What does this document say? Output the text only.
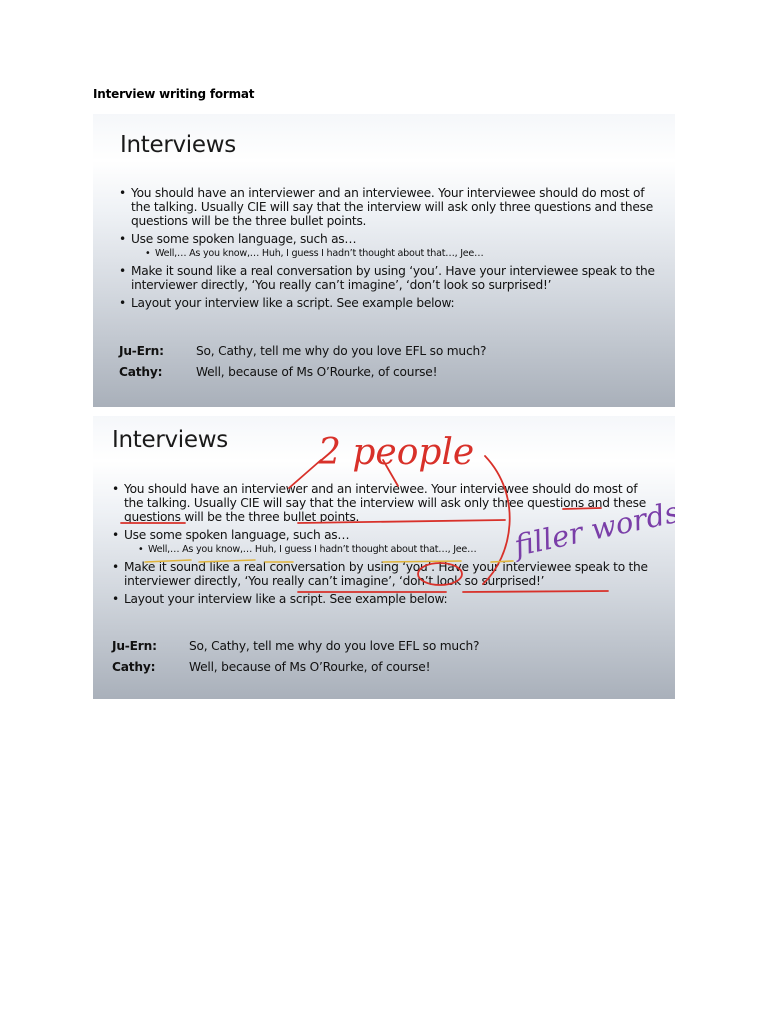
Interview writing format
Interviews
• You should have an interviewer and an interviewee. Your interviewee should do most of the talking. Usually CIE will say that the interview will ask only three questions and these questions will be the three bullet points.
• Use some spoken language, such as…
• Well,… As you know,… Huh, I guess I hadn’t thought about that…, Jee…
• Make it sound like a real conversation by using ‘you’. Have your interviewee speak to the interviewer directly, ‘You really can’t imagine’, ‘don’t look so surprised!’
• Layout your interview like a script. See example below:
Ju-Ern:	So, Cathy, tell me why do you love EFL so much?
Cathy:	Well, because of Ms O’Rourke, of course!
Interviews
• You should have an interviewer and an interviewee. Your interviewee should do most of the talking. Usually CIE will say that the interview will ask only three questions and these questions will be the three bullet points.
• Use some spoken language, such as…
• Well,… As you know,… Huh, I guess I hadn’t thought about that…, Jee…
• Make it sound like a real conversation by using ‘you’. Have your interviewee speak to the interviewer directly, ‘You really can’t imagine’, ‘don’t look so surprised!’
• Layout your interview like a script. See example below:
Ju-Ern:	So, Cathy, tell me why do you love EFL so much?
Cathy:	Well, because of Ms O’Rourke, of course!
2 people
filler words
